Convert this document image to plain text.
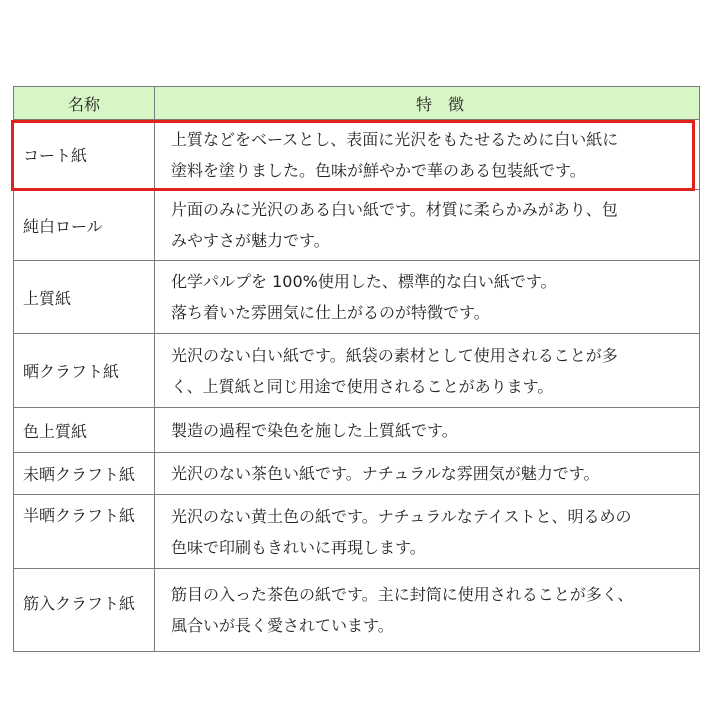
名称	特　徴
コート紙	上質などをベースとし、表面に光沢をもたせるために白い紙に
塗料を塗りました。色味が鮮やかで華のある包装紙です。

純白ロール	片面のみに光沢のある白い紙です。材質に柔らかみがあり、包
みやすさが魅力です。

上質紙	化学パルプを 100%使用した、標準的な白い紙です。
落ち着いた雰囲気に仕上がるのが特徴です。

晒クラフト紙	光沢のない白い紙です。紙袋の素材として使用されることが多
く、上質紙と同じ用途で使用されることがあります。

色上質紙	製造の過程で染色を施した上質紙です。

未晒クラフト紙	光沢のない茶色い紙です。ナチュラルな雰囲気が魅力です。

半晒クラフト紙	光沢のない黄土色の紙です。ナチュラルなテイストと、明るめの
色味で印刷もきれいに再現します。

筋入クラフト紙	筋目の入った茶色の紙です。主に封筒に使用されることが多く、
風合いが長く愛されています。
